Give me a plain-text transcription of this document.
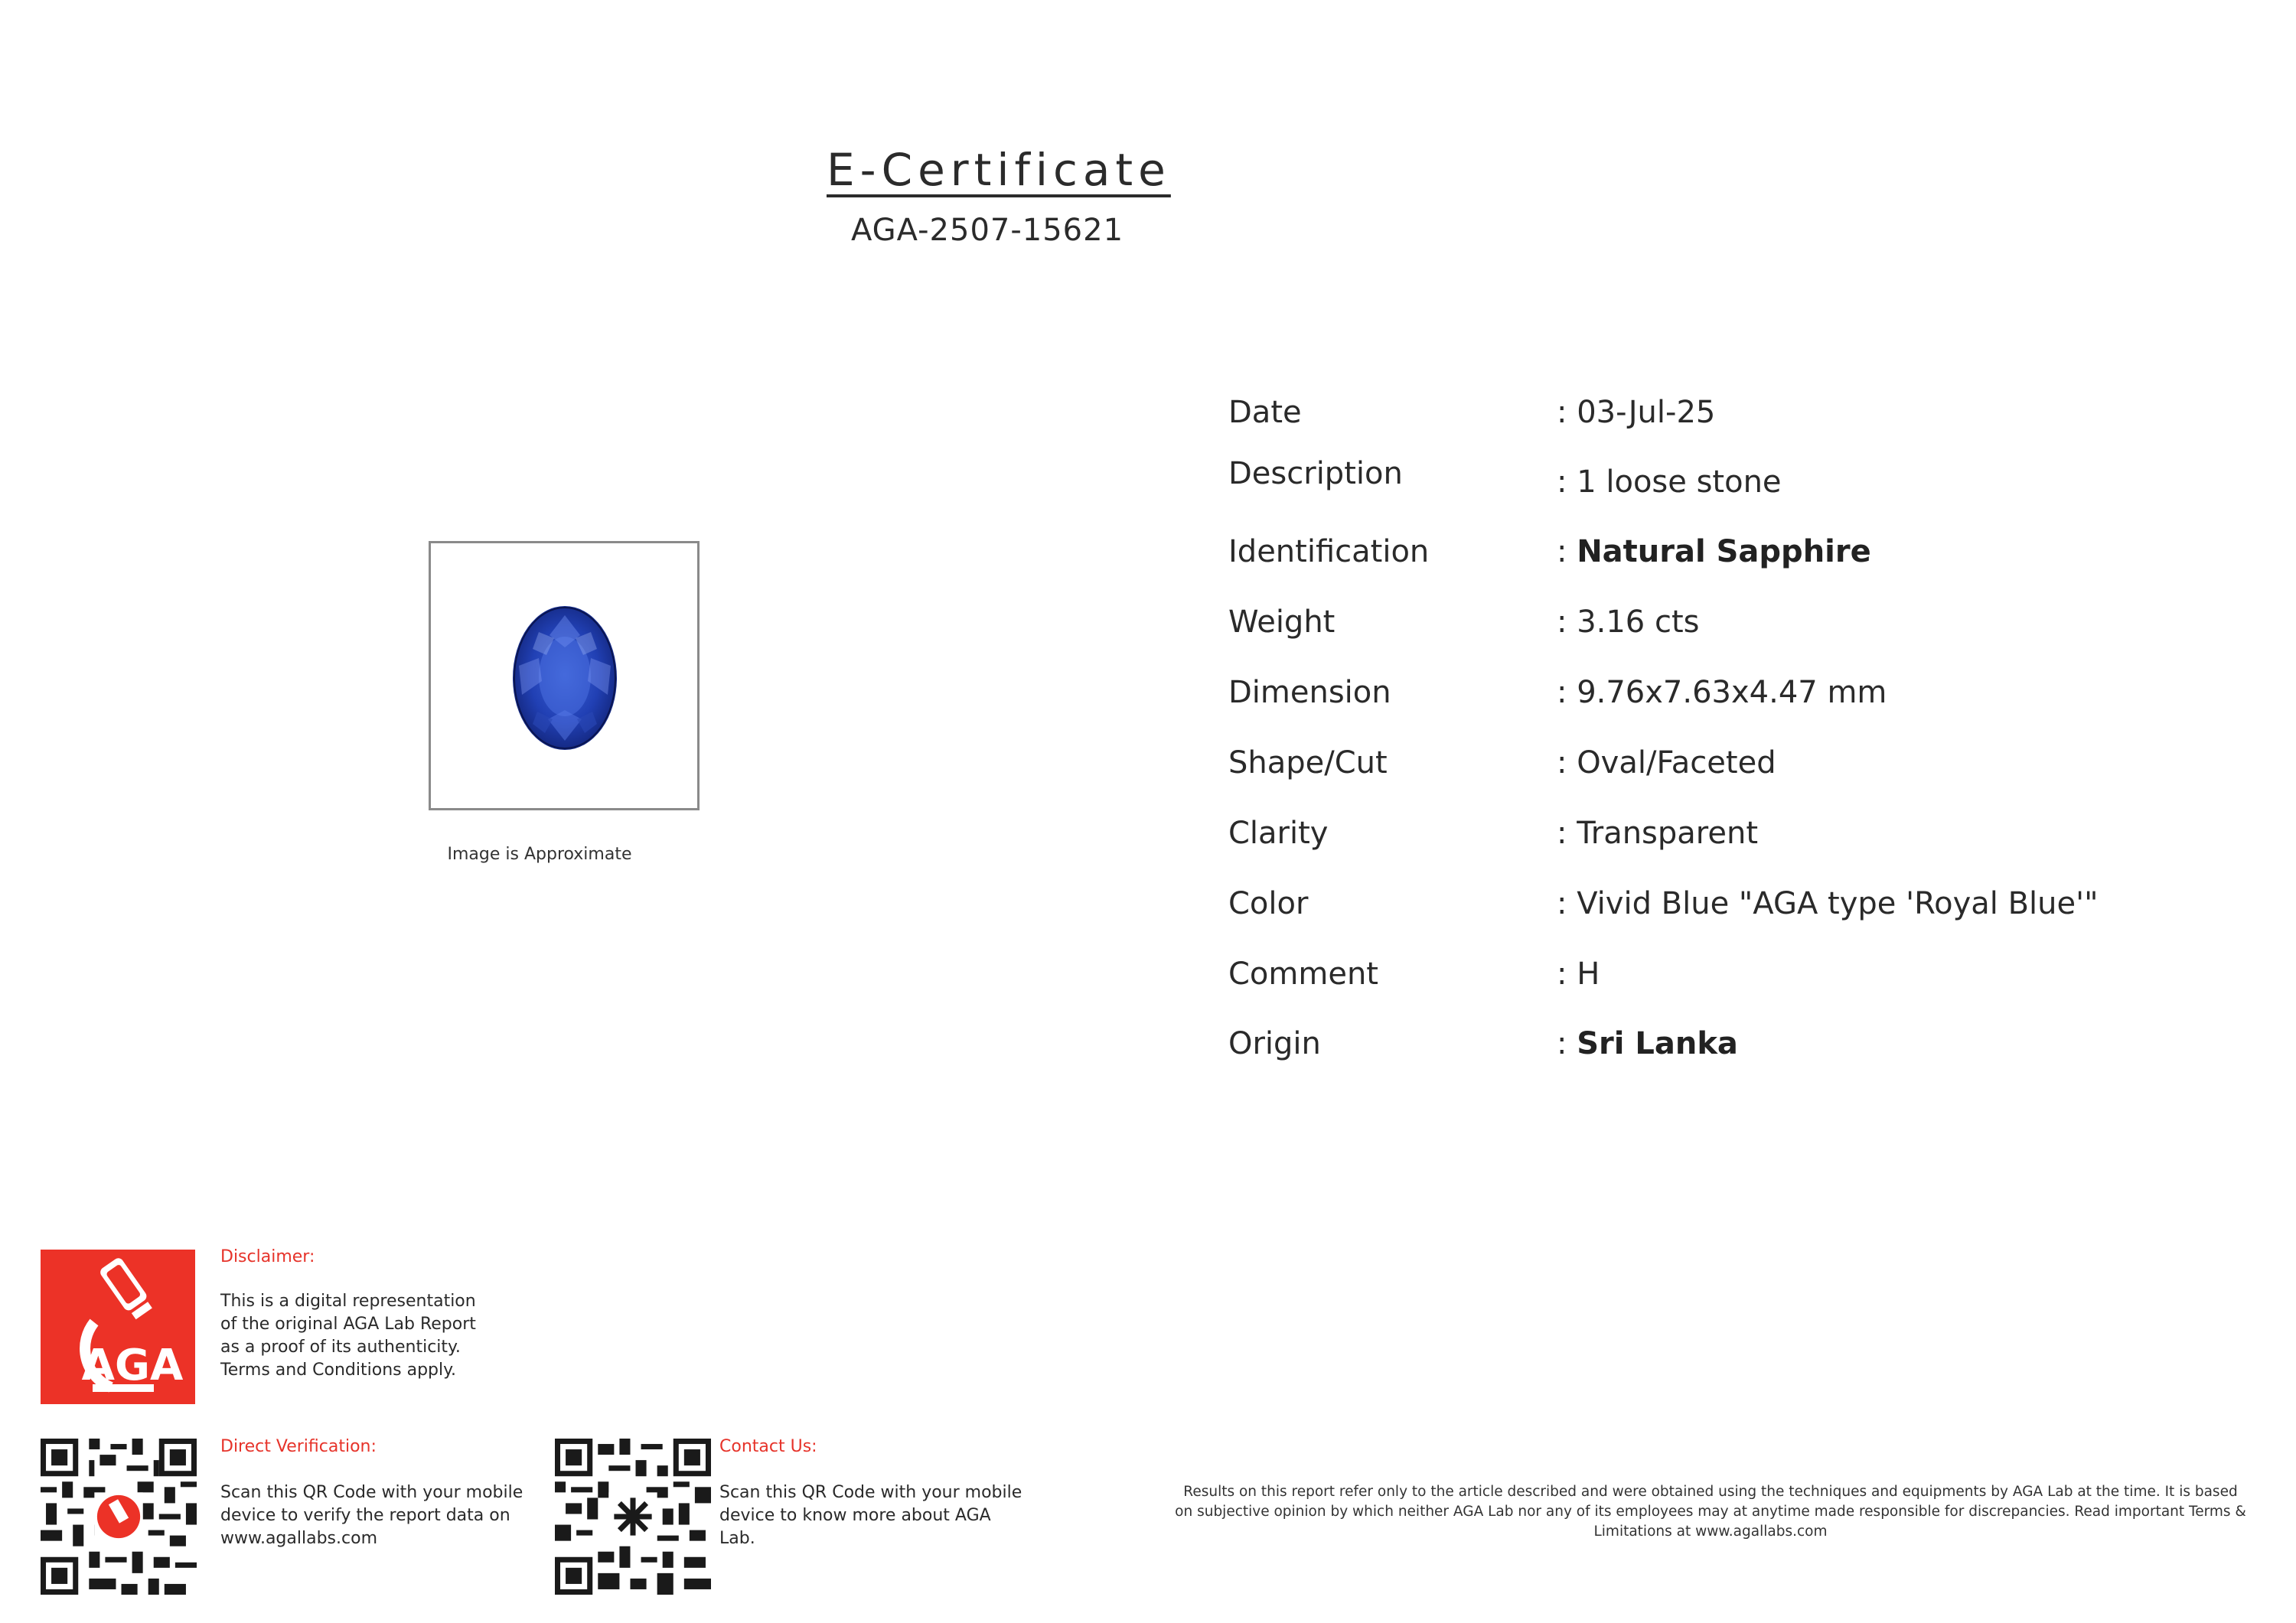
E-Certificate
AGA-2507-15621
Image is Approximate
Date	: 03-Jul-25
Description	: 1 loose stone
Identification	: Natural Sapphire
Weight	: 3.16 cts
Dimension	: 9.76x7.63x4.47 mm
Shape/Cut	: Oval/Faceted
Clarity	: Transparent
Color	: Vivid Blue "AGA type 'Royal Blue'"
Comment	: H
Origin	: Sri Lanka
AGA
Disclaimer:
This is a digital representation
of the original AGA Lab Report
as a proof of its authenticity.
Terms and Conditions apply.
Direct Verification:
Scan this QR Code with your mobile
device to verify the report data on
www.agallabs.com
Contact Us:
Scan this QR Code with your mobile
device to know more about AGA
Lab.
Results on this report refer only to the article described and were obtained using the techniques and equipments by AGA Lab at the time. It is based
on subjective opinion by which neither AGA Lab nor any of its employees may at anytime made responsible for discrepancies. Read important Terms &
Limitations at www.agallabs.com
